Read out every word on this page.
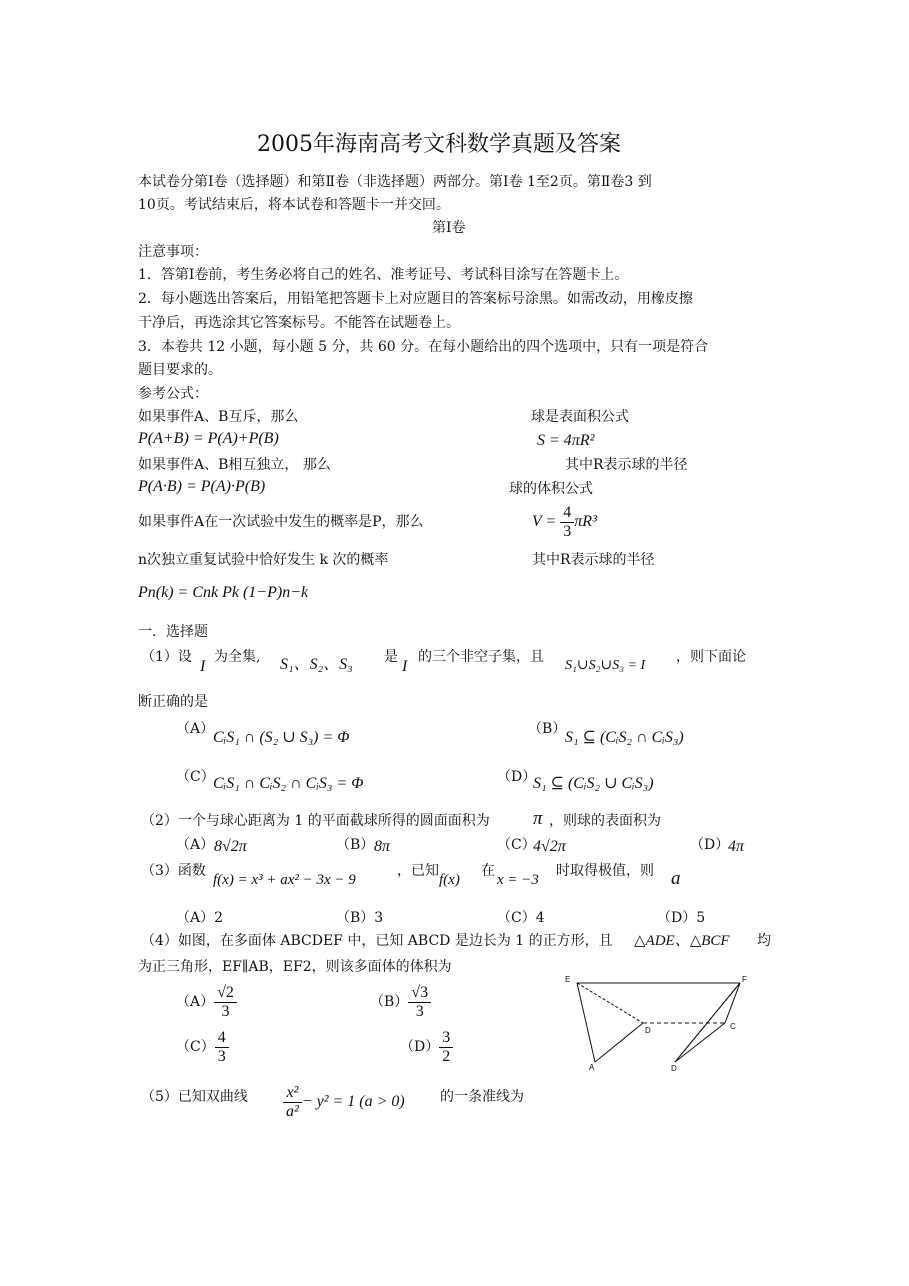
2005年海南高考文科数学真题及答案
本试卷分第Ⅰ卷（选择题）和第Ⅱ卷（非选择题）两部分。第Ⅰ卷 1至2页。第Ⅱ卷3 到
10页。考试结束后，将本试卷和答题卡一并交回。
第Ⅰ卷
注意事项：
1．答第Ⅰ卷前，考生务必将自己的姓名、准考证号、考试科目涂写在答题卡上。
2．每小题选出答案后，用铅笔把答题卡上对应题目的答案标号涂黑。如需改动，用橡皮擦
干净后，再选涂其它答案标号。不能答在试题卷上。
3．本卷共 12 小题，每小题 5 分，共 60 分。在每小题给出的四个选项中，只有一项是符合
题目要求的。
参考公式：
如果事件A、B互斥，那么
P(A+B) = P(A)+P(B)
球是表面积公式
S = 4πR²
如果事件A、B相互独立， 那么	其中R表示球的半径
P(A·B) = P(A)·P(B)	球的体积公式
如果事件A在一次试验中发生的概率是P，那么	$V = \frac{4}{3} \pi R^3$
n次独立重复试验中恰好发生 k 次的概率	其中R表示球的半径
Pn(k) = Cnk Pk (1−P)n−k
一．选择题
（1）设
I
为全集, S₁、S₂、S₃ 是
I
的三个非空子集，且
S₁∪S₂∪S₃ = I
，则下面论
断正确的是
（A）
CᵢS₁ ∩ (S₂ ∪ S₃) = Φ	（B）
S₁ ⊆ (CᵢS₂ ∩ CᵢS₃)
（C）
CᵢS₁ ∩ CᵢS₂ ∩ CᵢS₃ = Φ	（D）
S₁ ⊆ (CᵢS₂ ∪ CᵢS₃)
（2）一个与球心距离为 1 的平面截球所得的圆面面积为 π ，则球的表面积为
（A） 8√2π	（B） 8π	（C）
4√2π	（D）
4π
（3）函数
f(x) = x³ + ax² − 3x − 9
，已知
f(x)
在
x = −3
时取得极值，则 a
（A）2	（B）3	（C）4	（D）5
（4）如图，在多面体 ABCDEF 中，已知 ABCD 是边长为 1 的正方形，且 △ADE、△BCF 均
为正三角形，EF∥AB，EF2，则该多面体的体积为
$(A) \frac{√2}{3}$	$(B) \frac{√3}{3}$
$(C) \frac{4}{3}$	$(D) \frac{3}{2}$
E	F
D	C
A	D
（5）已知双曲线 $\frac{\text{x²}}{\text{a²}} - y^2 = 1$ (a > 0)	的一条准线为
